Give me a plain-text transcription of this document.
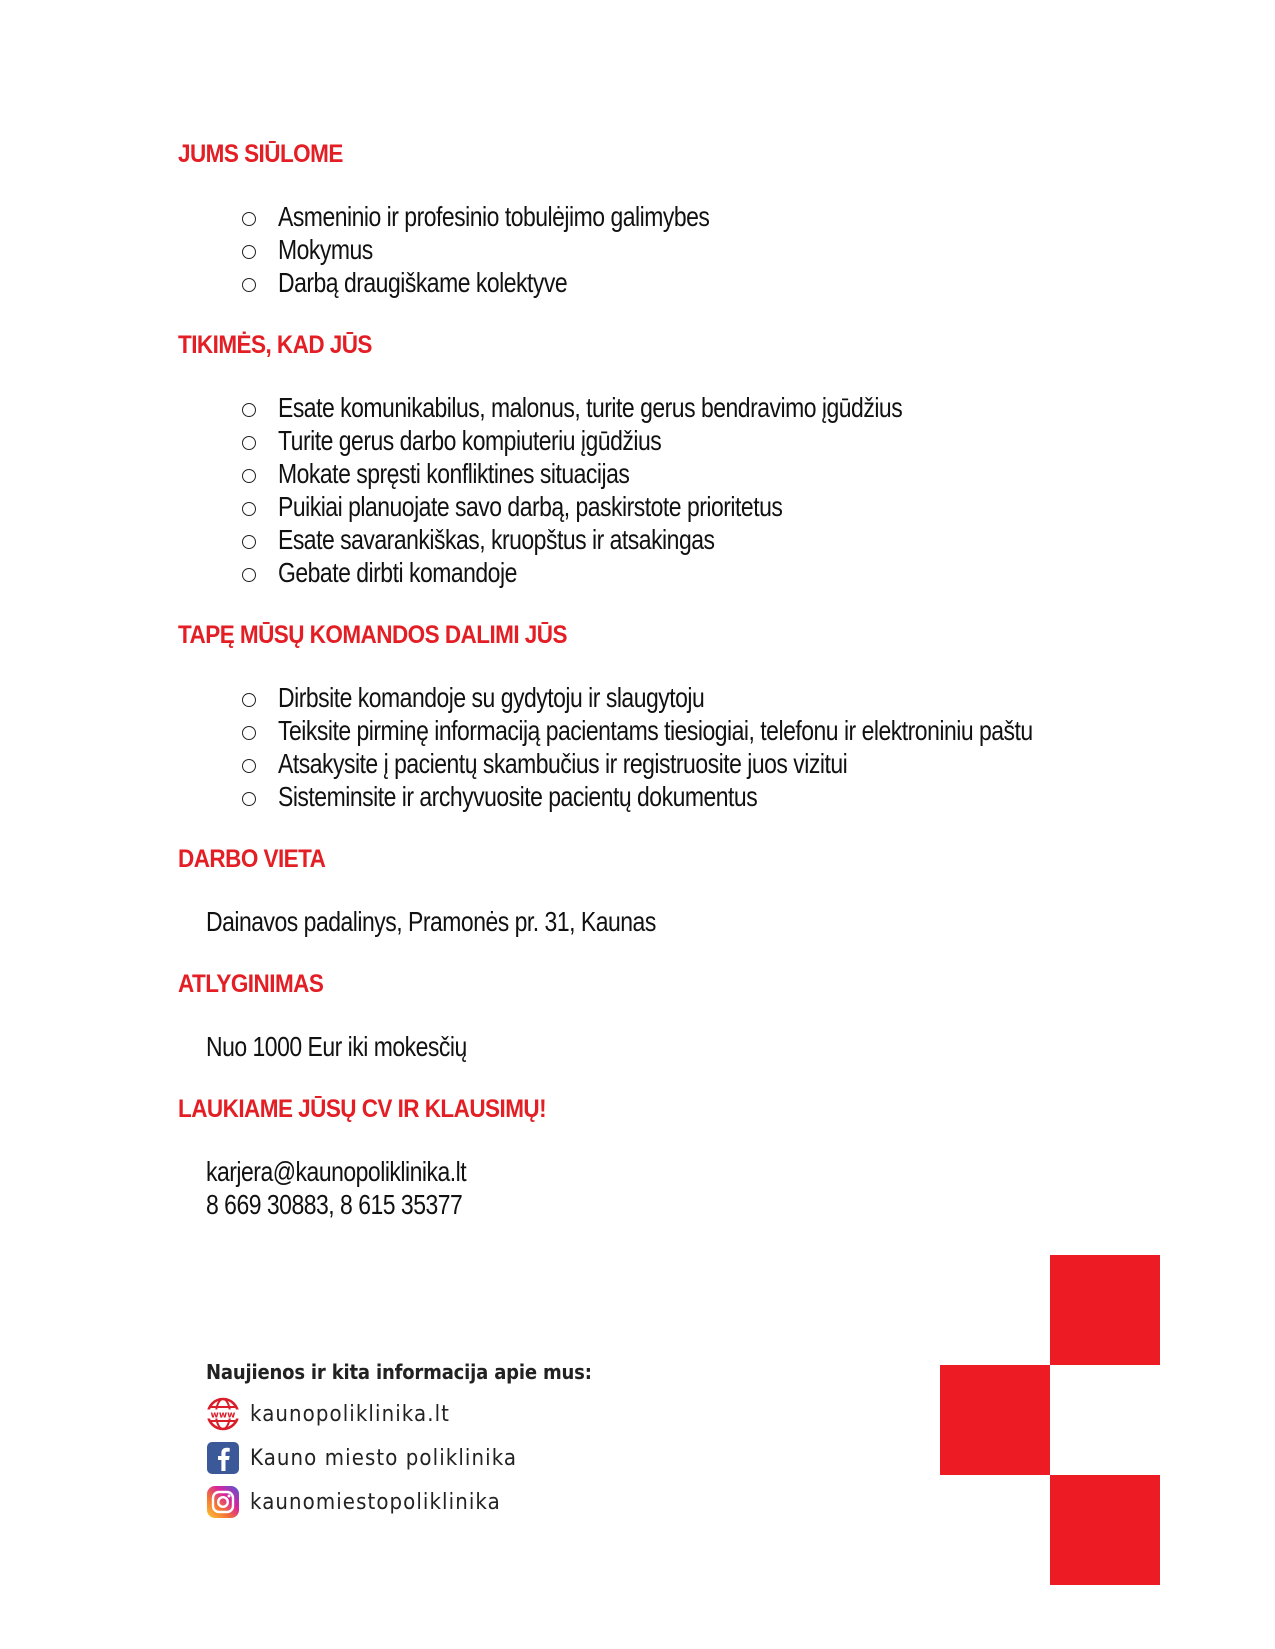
JUMS SIŪLOME
Asmeninio ir profesinio tobulėjimo galimybes
Mokymus
Darbą draugiškame kolektyve
TIKIMĖS, KAD JŪS
Esate komunikabilus, malonus, turite gerus bendravimo įgūdžius
Turite gerus darbo kompiuteriu įgūdžius
Mokate spręsti konfliktines situacijas
Puikiai planuojate savo darbą, paskirstote prioritetus
Esate savarankiškas, kruopštus ir atsakingas
Gebate dirbti komandoje
TAPĘ MŪSŲ KOMANDOS DALIMI JŪS
Dirbsite komandoje su gydytoju ir slaugytoju
Teiksite pirminę informaciją pacientams tiesiogiai, telefonu ir elektroniniu paštu
Atsakysite į pacientų skambučius ir registruosite juos vizitui
Sisteminsite ir archyvuosite pacientų dokumentus
DARBO VIETA
Dainavos padalinys, Pramonės pr. 31, Kaunas
ATLYGINIMAS
Nuo 1000 Eur iki mokesčių
LAUKIAME JŪSŲ CV IR KLAUSIMŲ!
karjera@kaunopoliklinika.lt
8 669 30883, 8 615 35377
Naujienos ir kita informacija apie mus:
www kaunopoliklinika.lt
Kauno miesto poliklinika
kaunomiestopoliklinika
